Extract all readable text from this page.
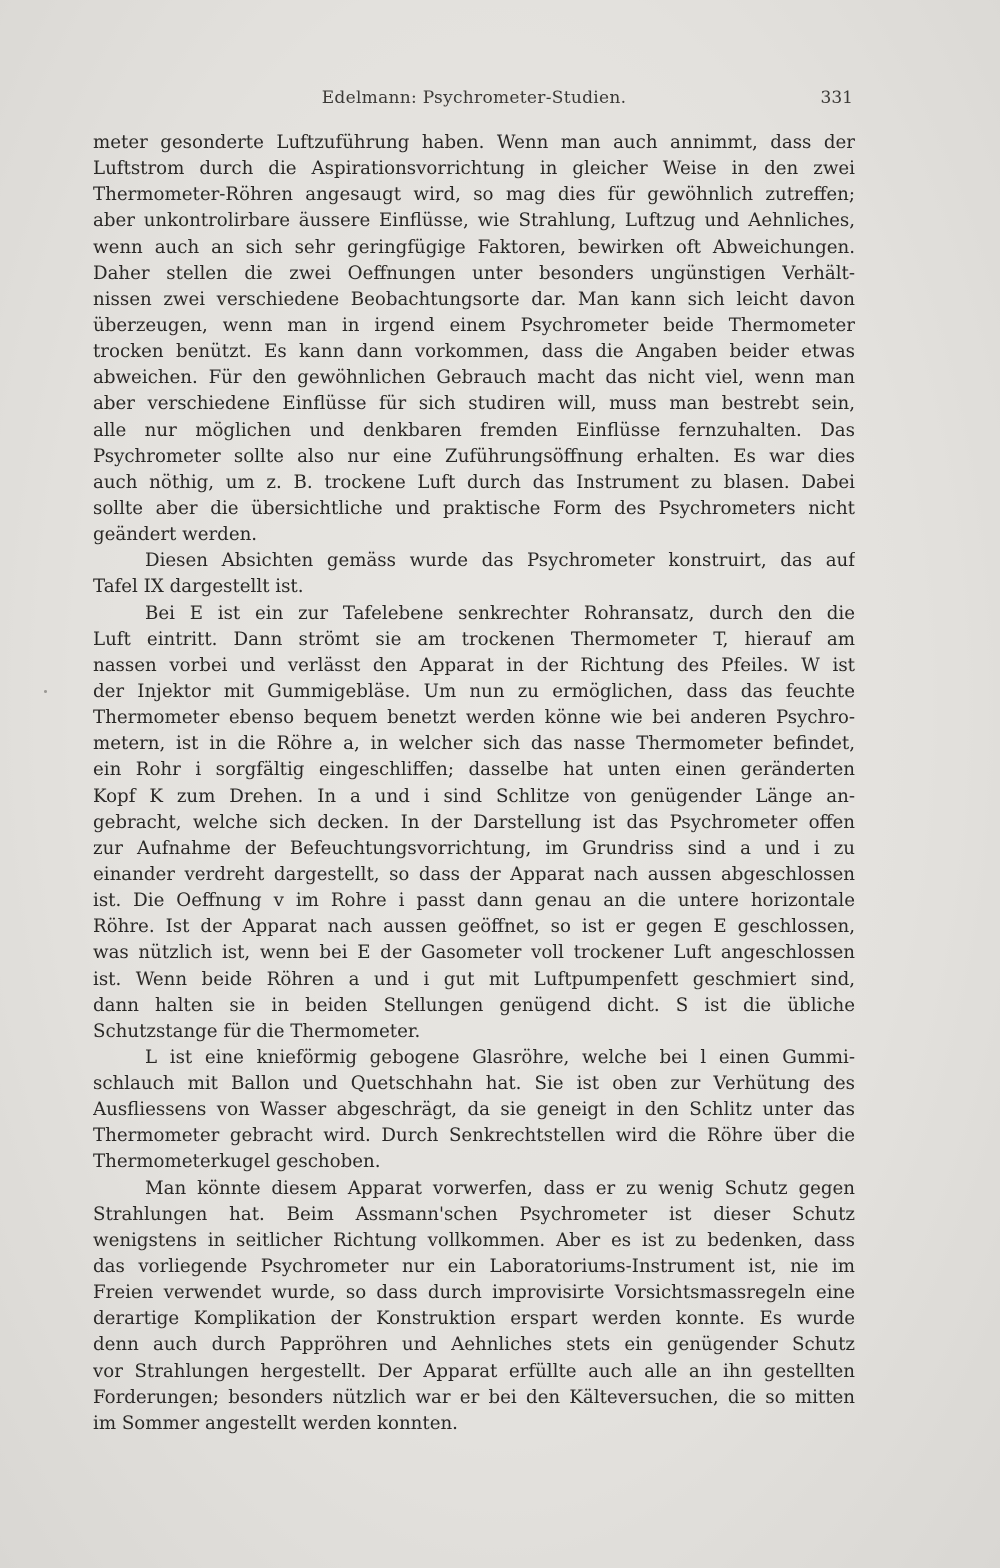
Edelmann: Psychrometer-Studien.	331
meter gesonderte Luftzuführung haben. Wenn man auch annimmt, dass der
Luftstrom durch die Aspirationsvorrichtung in gleicher Weise in den zwei
Thermometer-Röhren angesaugt wird, so mag dies für gewöhnlich zutreffen;
aber unkontrolirbare äussere Einflüsse, wie Strahlung, Luftzug und Aehnliches,
wenn auch an sich sehr geringfügige Faktoren, bewirken oft Abweichungen.
Daher stellen die zwei Oeffnungen unter besonders ungünstigen Verhält-
nissen zwei verschiedene Beobachtungsorte dar. Man kann sich leicht davon
überzeugen, wenn man in irgend einem Psychrometer beide Thermometer
trocken benützt. Es kann dann vorkommen, dass die Angaben beider etwas
abweichen. Für den gewöhnlichen Gebrauch macht das nicht viel, wenn man
aber verschiedene Einflüsse für sich studiren will, muss man bestrebt sein,
alle nur möglichen und denkbaren fremden Einflüsse fernzuhalten. Das
Psychrometer sollte also nur eine Zuführungsöffnung erhalten. Es war dies
auch nöthig, um z. B. trockene Luft durch das Instrument zu blasen. Dabei
sollte aber die übersichtliche und praktische Form des Psychrometers nicht
geändert werden.
Diesen Absichten gemäss wurde das Psychrometer konstruirt, das auf
Tafel IX dargestellt ist.
Bei E ist ein zur Tafelebene senkrechter Rohransatz, durch den die
Luft eintritt. Dann strömt sie am trockenen Thermometer T, hierauf am
nassen vorbei und verlässt den Apparat in der Richtung des Pfeiles. W ist
der Injektor mit Gummigebläse. Um nun zu ermöglichen, dass das feuchte
Thermometer ebenso bequem benetzt werden könne wie bei anderen Psychro-
metern, ist in die Röhre a, in welcher sich das nasse Thermometer befindet,
ein Rohr i sorgfältig eingeschliffen; dasselbe hat unten einen geränderten
Kopf K zum Drehen. In a und i sind Schlitze von genügender Länge an-
gebracht, welche sich decken. In der Darstellung ist das Psychrometer offen
zur Aufnahme der Befeuchtungsvorrichtung, im Grundriss sind a und i zu
einander verdreht dargestellt, so dass der Apparat nach aussen abgeschlossen
ist. Die Oeffnung v im Rohre i passt dann genau an die untere horizontale
Röhre. Ist der Apparat nach aussen geöffnet, so ist er gegen E geschlossen,
was nützlich ist, wenn bei E der Gasometer voll trockener Luft angeschlossen
ist. Wenn beide Röhren a und i gut mit Luftpumpenfett geschmiert sind,
dann halten sie in beiden Stellungen genügend dicht. S ist die übliche
Schutzstange für die Thermometer.
L ist eine knieförmig gebogene Glasröhre, welche bei l einen Gummi-
schlauch mit Ballon und Quetschhahn hat. Sie ist oben zur Verhütung des
Ausfliessens von Wasser abgeschrägt, da sie geneigt in den Schlitz unter das
Thermometer gebracht wird. Durch Senkrechtstellen wird die Röhre über die
Thermometerkugel geschoben.
Man könnte diesem Apparat vorwerfen, dass er zu wenig Schutz gegen
Strahlungen hat. Beim Assmann'schen Psychrometer ist dieser Schutz
wenigstens in seitlicher Richtung vollkommen. Aber es ist zu bedenken, dass
das vorliegende Psychrometer nur ein Laboratoriums-Instrument ist, nie im
Freien verwendet wurde, so dass durch improvisirte Vorsichtsmassregeln eine
derartige Komplikation der Konstruktion erspart werden konnte. Es wurde
denn auch durch Pappröhren und Aehnliches stets ein genügender Schutz
vor Strahlungen hergestellt. Der Apparat erfüllte auch alle an ihn gestellten
Forderungen; besonders nützlich war er bei den Kälteversuchen, die so mitten
im Sommer angestellt werden konnten.
